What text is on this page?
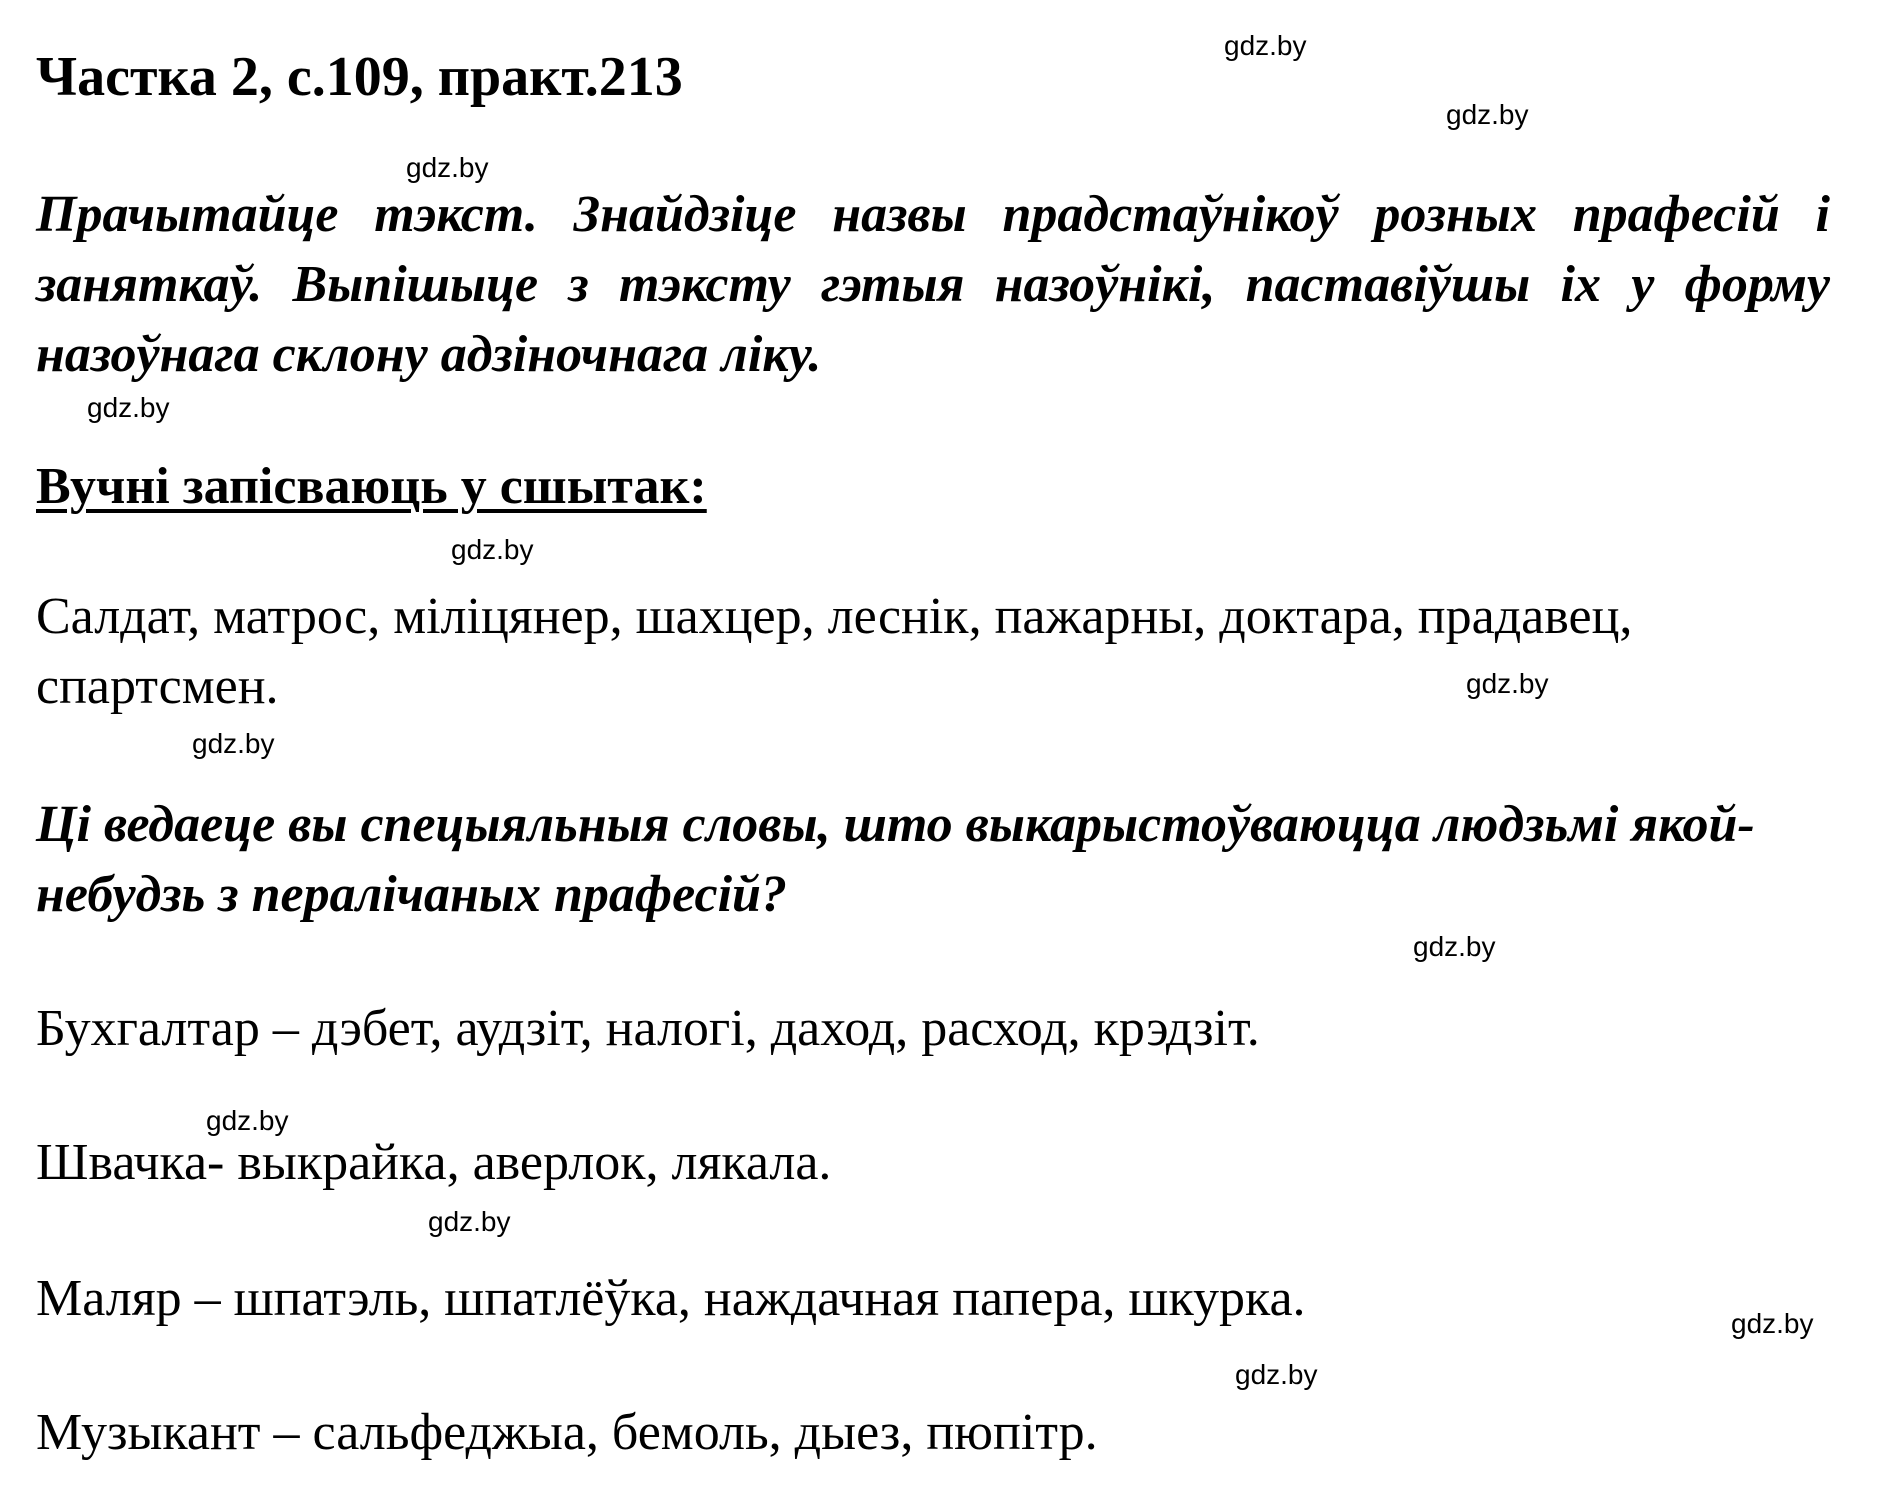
Частка 2, с.109, практ.213

Прачытайце тэкст. Знайдзіце назвы прадстаўнікоў розных прафесій і заняткаў. Выпішыце з тэксту гэтыя назоўнікі, паставіўшы іх у форму назоўнага склону адзіночнага ліку.

Вучні запісваюць у сшытак:

Салдат, матрос, міліцянер, шахцер, леснік, пажарны, доктара, прадавец, спартсмен.

Ці ведаеце вы спецыяльныя словы, што выкарыстоўваюцца людзьмі якой-небудзь з пералічаных прафесій?

Бухгалтар – дэбет, аудзіт, налогі, даход, расход, крэдзіт.

Швачка- выкрайка, аверлок, лякала.

Маляр – шпатэль, шпатлёўка, наждачная папера, шкурка.

Музыкант – сальфеджыа, бемоль, дыез, пюпітр.

gdz.by
gdz.by
gdz.by
gdz.by
gdz.by
gdz.by
gdz.by
gdz.by
gdz.by
gdz.by
gdz.by
gdz.by
